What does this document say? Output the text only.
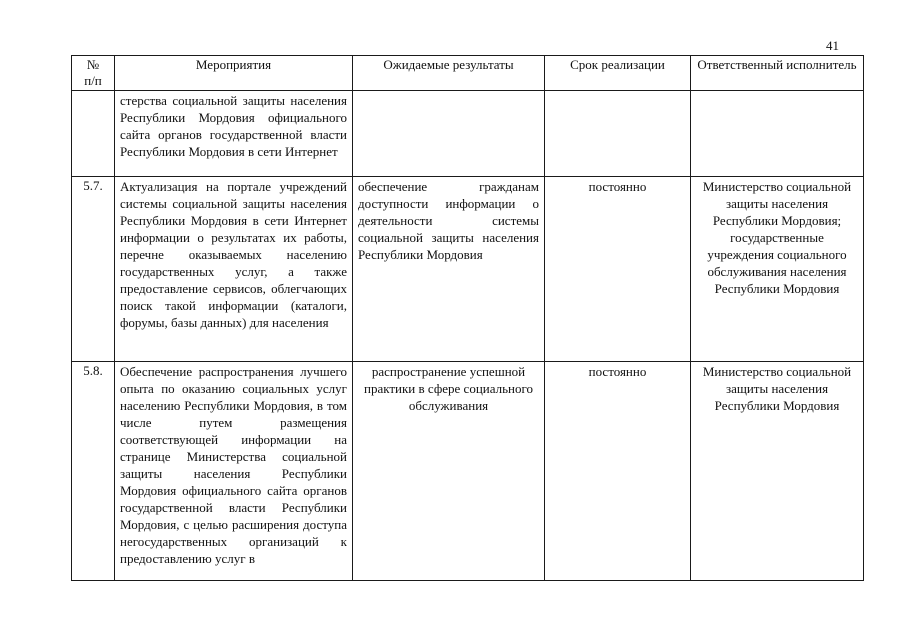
41
№
п/п	Мероприятия	Ожидаемые результаты	Срок реализации	Ответственный исполнитель

	стерства социальной защиты населения Республики Мордовия официального сайта органов государственной власти Республики Мордовия в сети Интернет			

5.7.	Актуализация на портале учреждений системы социальной защиты населения Республики Мордовия в сети Интернет информации о результатах их работы, перечне оказываемых населению государственных услуг, а также предоставление сервисов, облегчающих поиск такой информации (каталоги, форумы, базы данных) для населения	обеспечение гражданам доступности информации о деятельности системы социальной защиты населения Республики Мордовия	постоянно	Министерство социальной защиты населения Республики Мордовия; государственные учреждения социального обслуживания населения Республики Мордовия

5.8.	Обеспечение распространения лучшего опыта по оказанию социальных услуг населению Республики Мордовия, в том числе путем размещения соответствующей информации на странице Министерства социальной защиты населения Республики Мордовия официального сайта органов государственной власти Республики Мордовия, с целью расширения доступа негосударственных организаций к предоставлению услуг в	распространение успешной практики в сфере социального обслуживания	постоянно	Министерство социальной защиты населения Республики Мордовия
